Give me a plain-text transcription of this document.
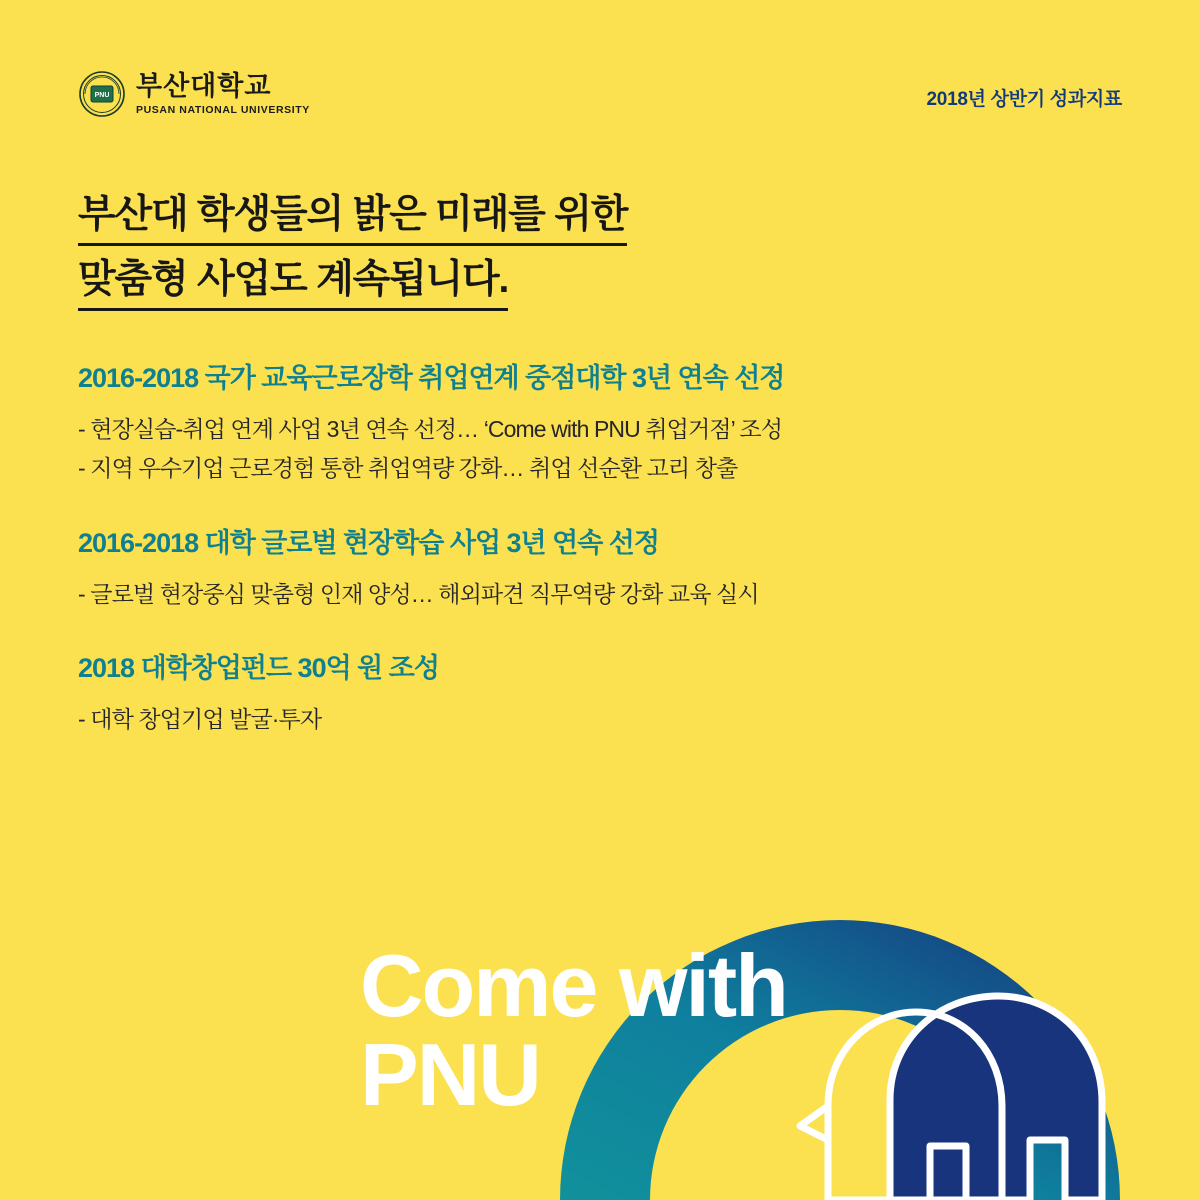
PNU 부산대학교
PUSAN NATIONAL UNIVERSITY	2018년 상반기 성과지표
부산대 학생들의 밝은 미래를 위한
맞춤형 사업도 계속됩니다.
2016-2018 국가 교육근로장학 취업연계 중점대학 3년 연속 선정
- 현장실습-취업 연계 사업 3년 연속 선정… ‘Come with PNU 취업거점’ 조성
- 지역 우수기업 근로경험 통한 취업역량 강화… 취업 선순환 고리 창출
2016-2018 대학 글로벌 현장학습 사업 3년 연속 선정
- 글로벌 현장중심 맞춤형 인재 양성… 해외파견 직무역량 강화 교육 실시
2018 대학창업펀드 30억 원 조성
- 대학 창업기업 발굴·투자
Come with
PNU
